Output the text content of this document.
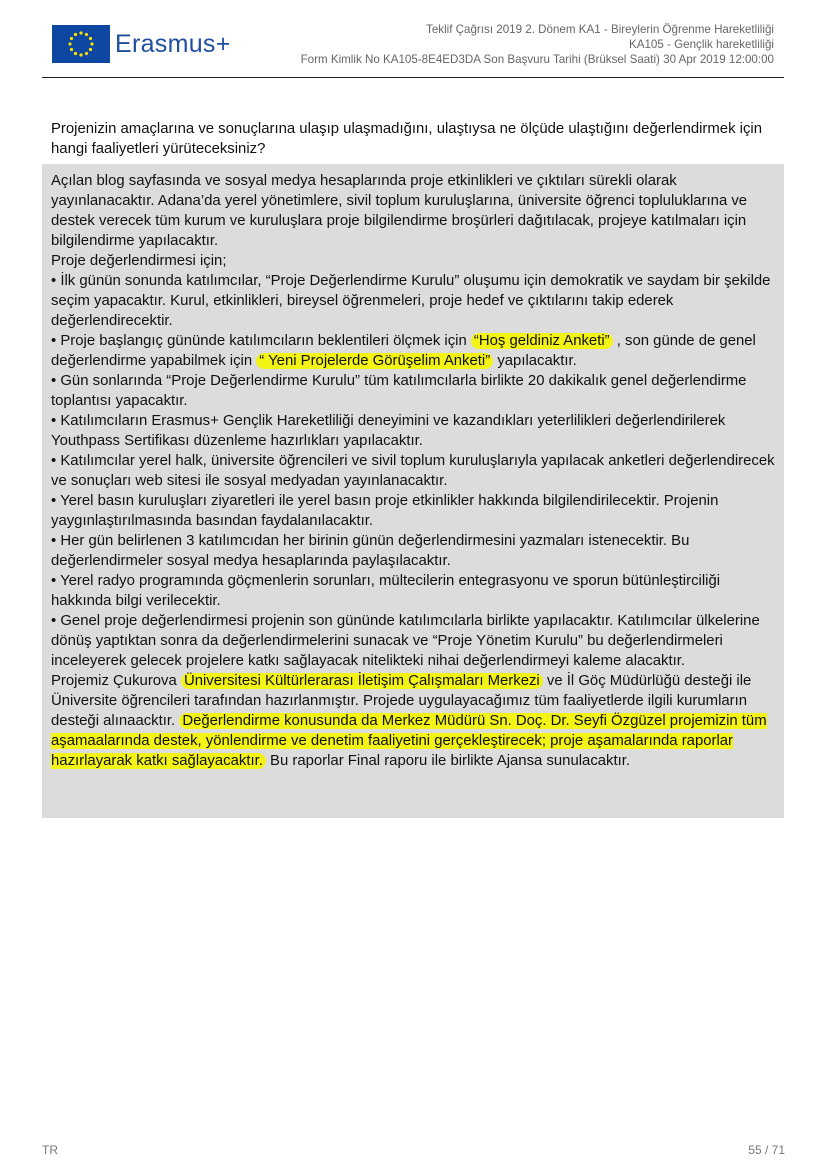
Erasmus+	Teklif Çağrısı 2019 2. Dönem KA1 - Bireylerin Öğrenme Hareketliliği
KA105 - Gençlik hareketliliği
Form Kimlik No KA105-8E4ED3DA Son Başvuru Tarihi (Brüksel Saati) 30 Apr 2019 12:00:00
Projenizin amaçlarına ve sonuçlarına ulaşıp ulaşmadığını, ulaştıysa ne ölçüde ulaştığını değerlendirmek için hangi faaliyetleri yürüteceksiniz?

Açılan blog sayfasında ve sosyal medya hesaplarında proje etkinlikleri ve çıktıları sürekli olarak yayınlanacaktır. Adana’da yerel yönetimlere, sivil toplum kuruluşlarına, üniversite öğrenci topluluklarına ve destek verecek tüm kurum ve kuruluşlara proje bilgilendirme broşürleri dağıtılacak, projeye katılmaları için bilgilendirme yapılacaktır.

Proje değerlendirmesi için;

• İlk günün sonunda katılımcılar, “Proje Değerlendirme Kurulu” oluşumu için demokratik ve saydam bir şekilde seçim yapacaktır. Kurul, etkinlikleri, bireysel öğrenmeleri, proje hedef ve çıktılarını takip ederek değerlendirecektir.

• Proje başlangıç gününde katılımcıların beklentileri ölçmek için “Hoş geldiniz Anketi” , son günde de genel değerlendirme yapabilmek için “ Yeni Projelerde Görüşelim Anketi” yapılacaktır.

• Gün sonlarında “Proje Değerlendirme Kurulu” tüm katılımcılarla birlikte 20 dakikalık genel değerlendirme toplantısı yapacaktır.

• Katılımcıların Erasmus+ Gençlik Hareketliliği deneyimini ve kazandıkları yeterlilikleri değerlendirilerek Youthpass Sertifikası düzenleme hazırlıkları yapılacaktır.

• Katılımcılar yerel halk, üniversite öğrencileri ve sivil toplum kuruluşlarıyla yapılacak anketleri değerlendirecek ve sonuçları web sitesi ile sosyal medyadan yayınlanacaktır.

• Yerel basın kuruluşları ziyaretleri ile yerel basın proje etkinlikler hakkında bilgilendirilecektir. Projenin yaygınlaştırılmasında basından faydalanılacaktır.

• Her gün belirlenen 3 katılımcıdan her birinin günün değerlendirmesini yazmaları istenecektir. Bu değerlendirmeler sosyal medya hesaplarında paylaşılacaktır.

• Yerel radyo programında göçmenlerin sorunları, mültecilerin entegrasyonu ve sporun bütünleştirciliği hakkında bilgi verilecektir.

• Genel proje değerlendirmesi projenin son gününde katılımcılarla birlikte yapılacaktır. Katılımcılar ülkelerine dönüş yaptıktan sonra da değerlendirmelerini sunacak ve “Proje Yönetim Kurulu” bu değerlendirmeleri inceleyerek gelecek projelere katkı sağlayacak nitelikteki nihai değerlendirmeyi kaleme alacaktır.

Projemiz Çukurova Üniversitesi Kültürlerarası İletişim Çalışmaları Merkezi ve İl Göç Müdürlüğü desteği ile Üniversite öğrencileri tarafından hazırlanmıştır. Projede uygulayacağımız tüm faaliyetlerde ilgili kurumların desteği alınaacktır. Değerlendirme konusunda da Merkez Müdürü Sn. Doç. Dr. Seyfi Özgüzel projemizin tüm aşamaalarında destek, yönlendirme ve denetim faaliyetini gerçekleştirecek; proje aşamalarında raporlar hazırlayarak katkı sağlayacaktır. Bu raporlar Final raporu ile birlikte Ajansa sunulacaktır.

TR	55 / 71
